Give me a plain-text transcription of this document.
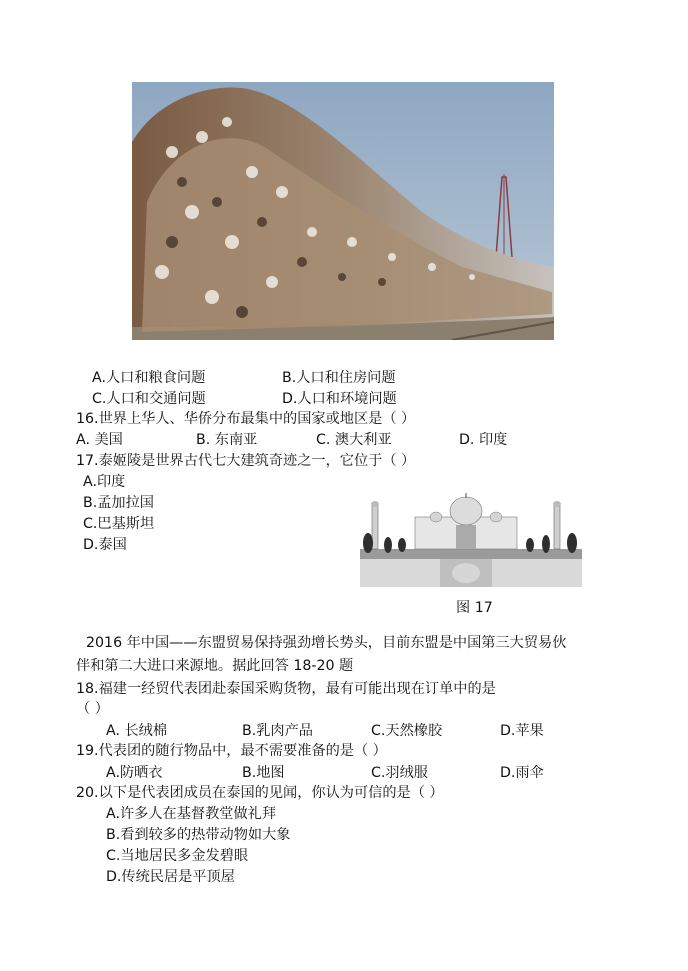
A.人口和粮食问题	B.人口和住房问题
C.人口和交通问题	D.人口和环境问题
16.世界上华人、华侨分布最集中的国家或地区是（ ）
A. 美国	B. 东南亚	C. 澳大利亚	D. 印度
17.泰姬陵是世界古代七大建筑奇迹之一，它位于（ ）
A.印度
B.孟加拉国
C.巴基斯坦
D.泰国
图 17
2016 年中国——东盟贸易保持强劲增长势头，目前东盟是中国第三大贸易伙
伴和第二大进口来源地。据此回答 18-20 题
18.福建一经贸代表团赴泰国采购货物，最有可能出现在订单中的是
（ ）
A. 长绒棉	B.乳肉产品	C.天然橡胶	D.苹果
19.代表团的随行物品中，最不需要准备的是（ ）
A.防晒衣	B.地图	C.羽绒服	D.雨伞
20.以下是代表团成员在泰国的见闻，你认为可信的是（ ）
A.许多人在基督教堂做礼拜
B.看到较多的热带动物如大象
C.当地居民多金发碧眼
D.传统民居是平顶屋
